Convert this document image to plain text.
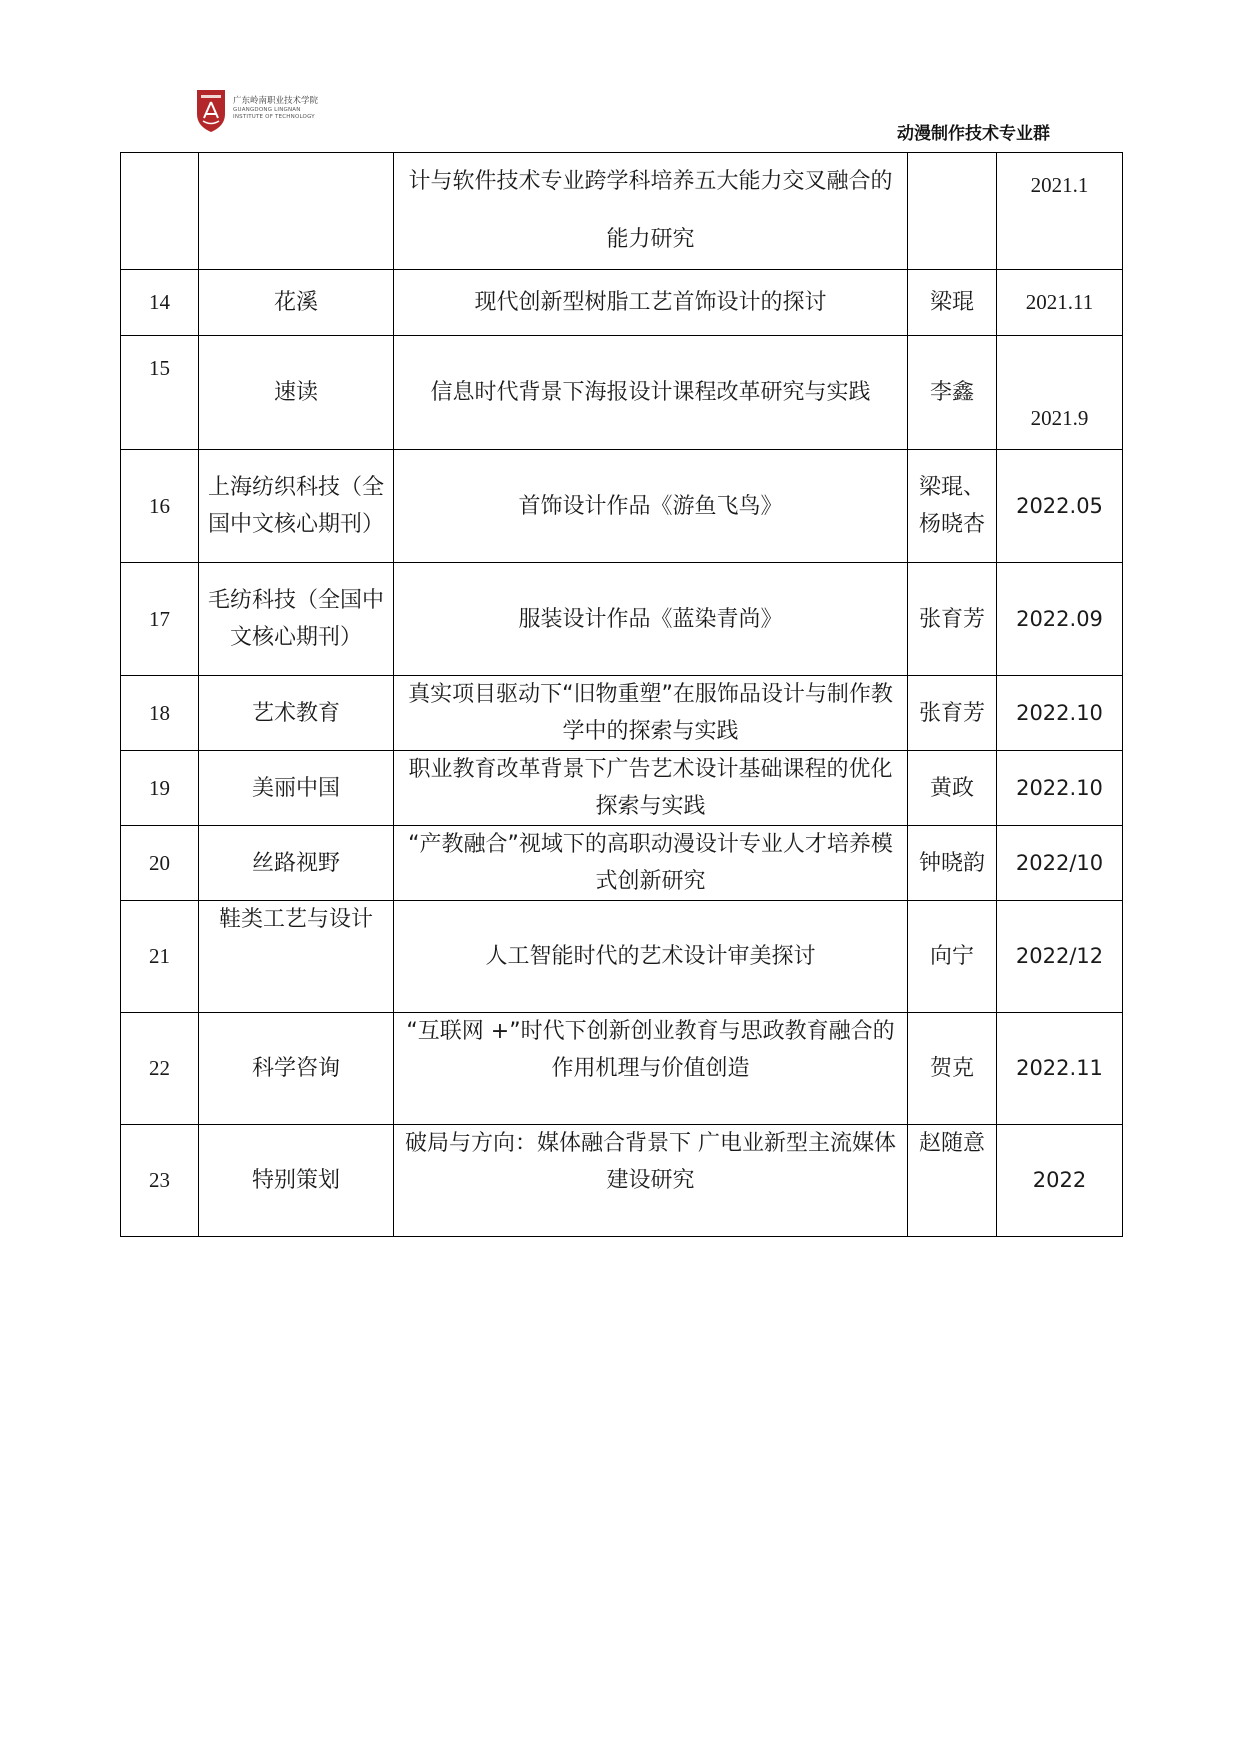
广东岭南职业技术学院
GUANGDONG LINGNAN
INSTITUTE OF TECHNOLOGY
动漫制作技术专业群
		计与软件技术专业跨学科培养五大能力交叉融合的能力研究		2021.1
14	花溪	现代创新型树脂工艺首饰设计的探讨	梁琨	2021.11
15	速读	信息时代背景下海报设计课程改革研究与实践	李鑫	2021.9
16	上海纺织科技（全国中文核心期刊）	首饰设计作品《游鱼飞鸟》	梁琨、杨晓杏	2022.05
17	毛纺科技（全国中文核心期刊）	服装设计作品《蓝染青尚》	张育芳	2022.09
18	艺术教育	真实项目驱动下“旧物重塑”在服饰品设计与制作教学中的探索与实践	张育芳	2022.10
19	美丽中国	职业教育改革背景下广告艺术设计基础课程的优化探索与实践	黄政	2022.10
20	丝路视野	“产教融合”视域下的高职动漫设计专业人才培养模式创新研究	钟晓韵	2022/10
21	鞋类工艺与设计	人工智能时代的艺术设计审美探讨	向宁	2022/12
22	科学咨询	“互联网 +”时代下创新创业教育与思政教育融合的作用机理与价值创造	贺克	2022.11
23	特别策划	破局与方向：媒体融合背景下 广电业新型主流媒体建设研究	赵随意	2022
